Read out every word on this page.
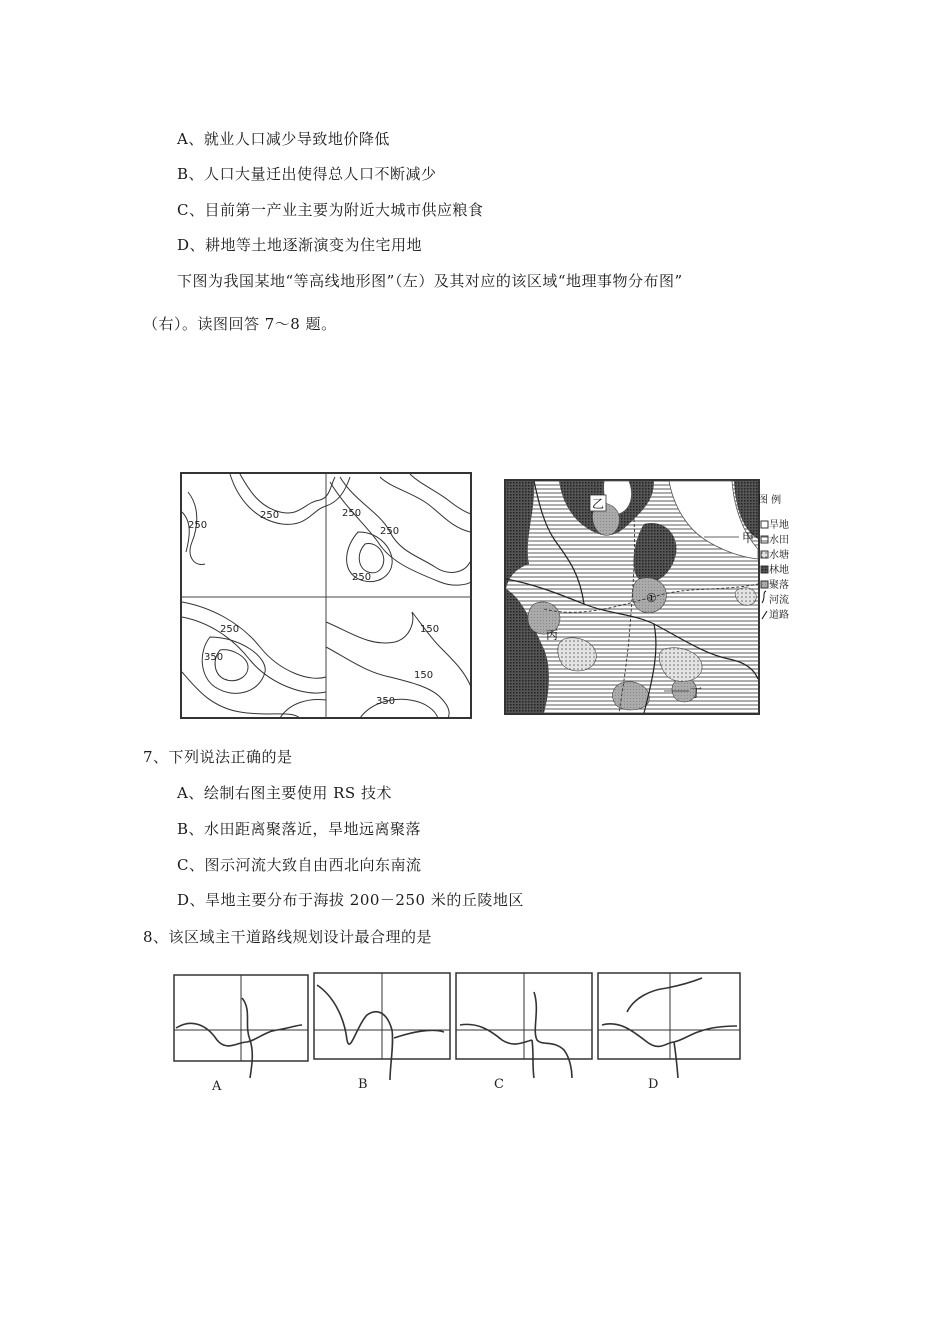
A、就业人口减少导致地价降低
B、人口大量迁出使得总人口不断减少
C、目前第一产业主要为附近大城市供应粮食
D、耕地等土地逐渐演变为住宅用地
下图为我国某地“等高线地形图”（左）及其对应的该区域“地理事物分布图”
（右）。读图回答 7～8 题。
250	250
250
250
250
150
250
350
150
350
乙
甲
丙
丁
①
图 例
旱地
水田
水塘
林地
聚落
河流
道路
7、下列说法正确的是
A、绘制右图主要使用 RS 技术
B、水田距离聚落近，旱地远离聚落
C、图示河流大致自由西北向东南流
D、旱地主要分布于海拔 200－250 米的丘陵地区
8、该区域主干道路线规划设计最合理的是
A	B	C	D
